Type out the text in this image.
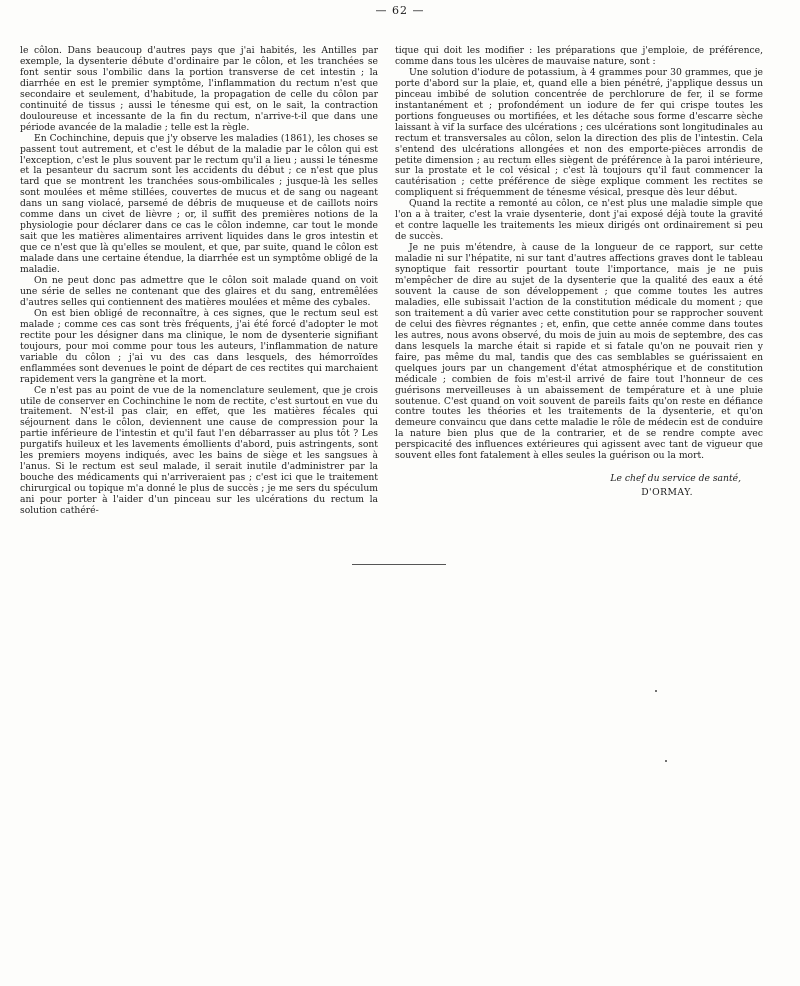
— 62 —

le côlon. Dans beaucoup d'autres pays que j'ai habités, les Antilles par exemple, la dysenterie débute d'ordinaire par le côlon, et les tranchées se font sentir sous l'ombilic dans la portion transverse de cet intestin ; la diarrhée en est le premier symptôme, l'inflammation du rectum n'est que secondaire et seulement, d'habitude, la propagation de celle du côlon par continuité de tissus ; aussi le ténesme qui est, on le sait, la contraction douloureuse et incessante de la fin du rectum, n'arrive-t-il que dans une période avancée de la maladie ; telle est la règle.

En Cochinchine, depuis que j'y observe les maladies (1861), les choses se passent tout autrement, et c'est le début de la maladie par le côlon qui est l'exception, c'est le plus souvent par le rectum qu'il a lieu ; aussi le ténesme et la pesanteur du sacrum sont les accidents du début ; ce n'est que plus tard que se montrent les tranchées sous-ombilicales ; jusque-là les selles sont moulées et même stillées, couvertes de mucus et de sang ou nageant dans un sang violacé, parsemé de débris de muqueuse et de caillots noirs comme dans un civet de lièvre ; or, il suffit des premières notions de la physiologie pour déclarer dans ce cas le côlon indemne, car tout le monde sait que les matières alimentaires arrivent liquides dans le gros intestin et que ce n'est que là qu'elles se moulent, et que, par suite, quand le côlon est malade dans une certaine étendue, la diarrhée est un symptôme obligé de la maladie.

On ne peut donc pas admettre que le côlon soit malade quand on voit une série de selles ne contenant que des glaires et du sang, entremêlées d'autres selles qui contiennent des matières moulées et même des cybales.

On est bien obligé de reconnaître, à ces signes, que le rectum seul est malade ; comme ces cas sont très fréquents, j'ai été forcé d'adopter le mot rectite pour les désigner dans ma clinique, le nom de dysenterie signifiant toujours, pour moi comme pour tous les auteurs, l'inflammation de nature variable du côlon ; j'ai vu des cas dans lesquels, des hémorroïdes enflammées sont devenues le point de départ de ces rectites qui marchaient rapidement vers la gangrène et la mort.

Ce n'est pas au point de vue de la nomenclature seulement, que je crois utile de conserver en Cochinchine le nom de rectite, c'est surtout en vue du traitement. N'est-il pas clair, en effet, que les matières fécales qui séjournent dans le côlon, deviennent une cause de compression pour la partie inférieure de l'intestin et qu'il faut l'en débarrasser au plus tôt ? Les purgatifs huileux et les lavements émollients d'abord, puis astringents, sont les premiers moyens indiqués, avec les bains de siège et les sangsues à l'anus. Si le rectum est seul malade, il serait inutile d'administrer par la bouche des médicaments qui n'arriveraient pas ; c'est ici que le traitement chirurgical ou topique m'a donné le plus de succès ; je me sers du spéculum ani pour porter à l'aider d'un pinceau sur les ulcérations du rectum la solution cathéré-

tique qui doit les modifier : les préparations que j'emploie, de préférence, comme dans tous les ulcères de mauvaise nature, sont :

Une solution d'iodure de potassium, à 4 grammes pour 30 grammes, que je porte d'abord sur la plaie, et, quand elle a bien pénétré, j'applique dessus un pinceau imbibé de solution concentrée de perchlorure de fer, il se forme instantanément et ; profondément un iodure de fer qui crispe toutes les portions fongueuses ou mortifiées, et les détache sous forme d'escarre sèche laissant à vif la surface des ulcérations ; ces ulcérations sont longitudinales au rectum et transversales au côlon, selon la direction des plis de l'intestin. Cela s'entend des ulcérations allongées et non des emporte-pièces arrondis de petite dimension ; au rectum elles siègent de préférence à la paroi intérieure, sur la prostate et le col vésical ; c'est là toujours qu'il faut commencer la cautérisation ; cette préférence de siège explique comment les rectites se compliquent si fréquemment de ténesme vésical, presque dès leur début.

Quand la rectite a remonté au côlon, ce n'est plus une maladie simple que l'on a à traiter, c'est la vraie dysenterie, dont j'ai exposé déjà toute la gravité et contre laquelle les traitements les mieux dirigés ont ordinairement si peu de succès.

Je ne puis m'étendre, à cause de la longueur de ce rapport, sur cette maladie ni sur l'hépatite, ni sur tant d'autres affections graves dont le tableau synoptique fait ressortir pourtant toute l'importance, mais je ne puis m'empêcher de dire au sujet de la dysenterie que la qualité des eaux a été souvent la cause de son développement ; que comme toutes les autres maladies, elle subissait l'action de la constitution médicale du moment ; que son traitement a dû varier avec cette constitution pour se rapprocher souvent de celui des fièvres régnantes ; et, enfin, que cette année comme dans toutes les autres, nous avons observé, du mois de juin au mois de septembre, des cas dans lesquels la marche était si rapide et si fatale qu'on ne pouvait rien y faire, pas même du mal, tandis que des cas semblables se guérissaient en quelques jours par un changement d'état atmosphérique et de constitution médicale ; combien de fois m'est-il arrivé de faire tout l'honneur de ces guérisons merveilleuses à un abaissement de température et à une pluie soutenue. C'est quand on voit souvent de pareils faits qu'on reste en défiance contre toutes les théories et les traitements de la dysenterie, et qu'on demeure convaincu que dans cette maladie le rôle de médecin est de conduire la nature bien plus que de la contrarier, et de se rendre compte avec perspicacité des influences extérieures qui agissent avec tant de vigueur que souvent elles font fatalement à elles seules la guérison ou la mort.

Le chef du service de santé,
D'ORMAY.
